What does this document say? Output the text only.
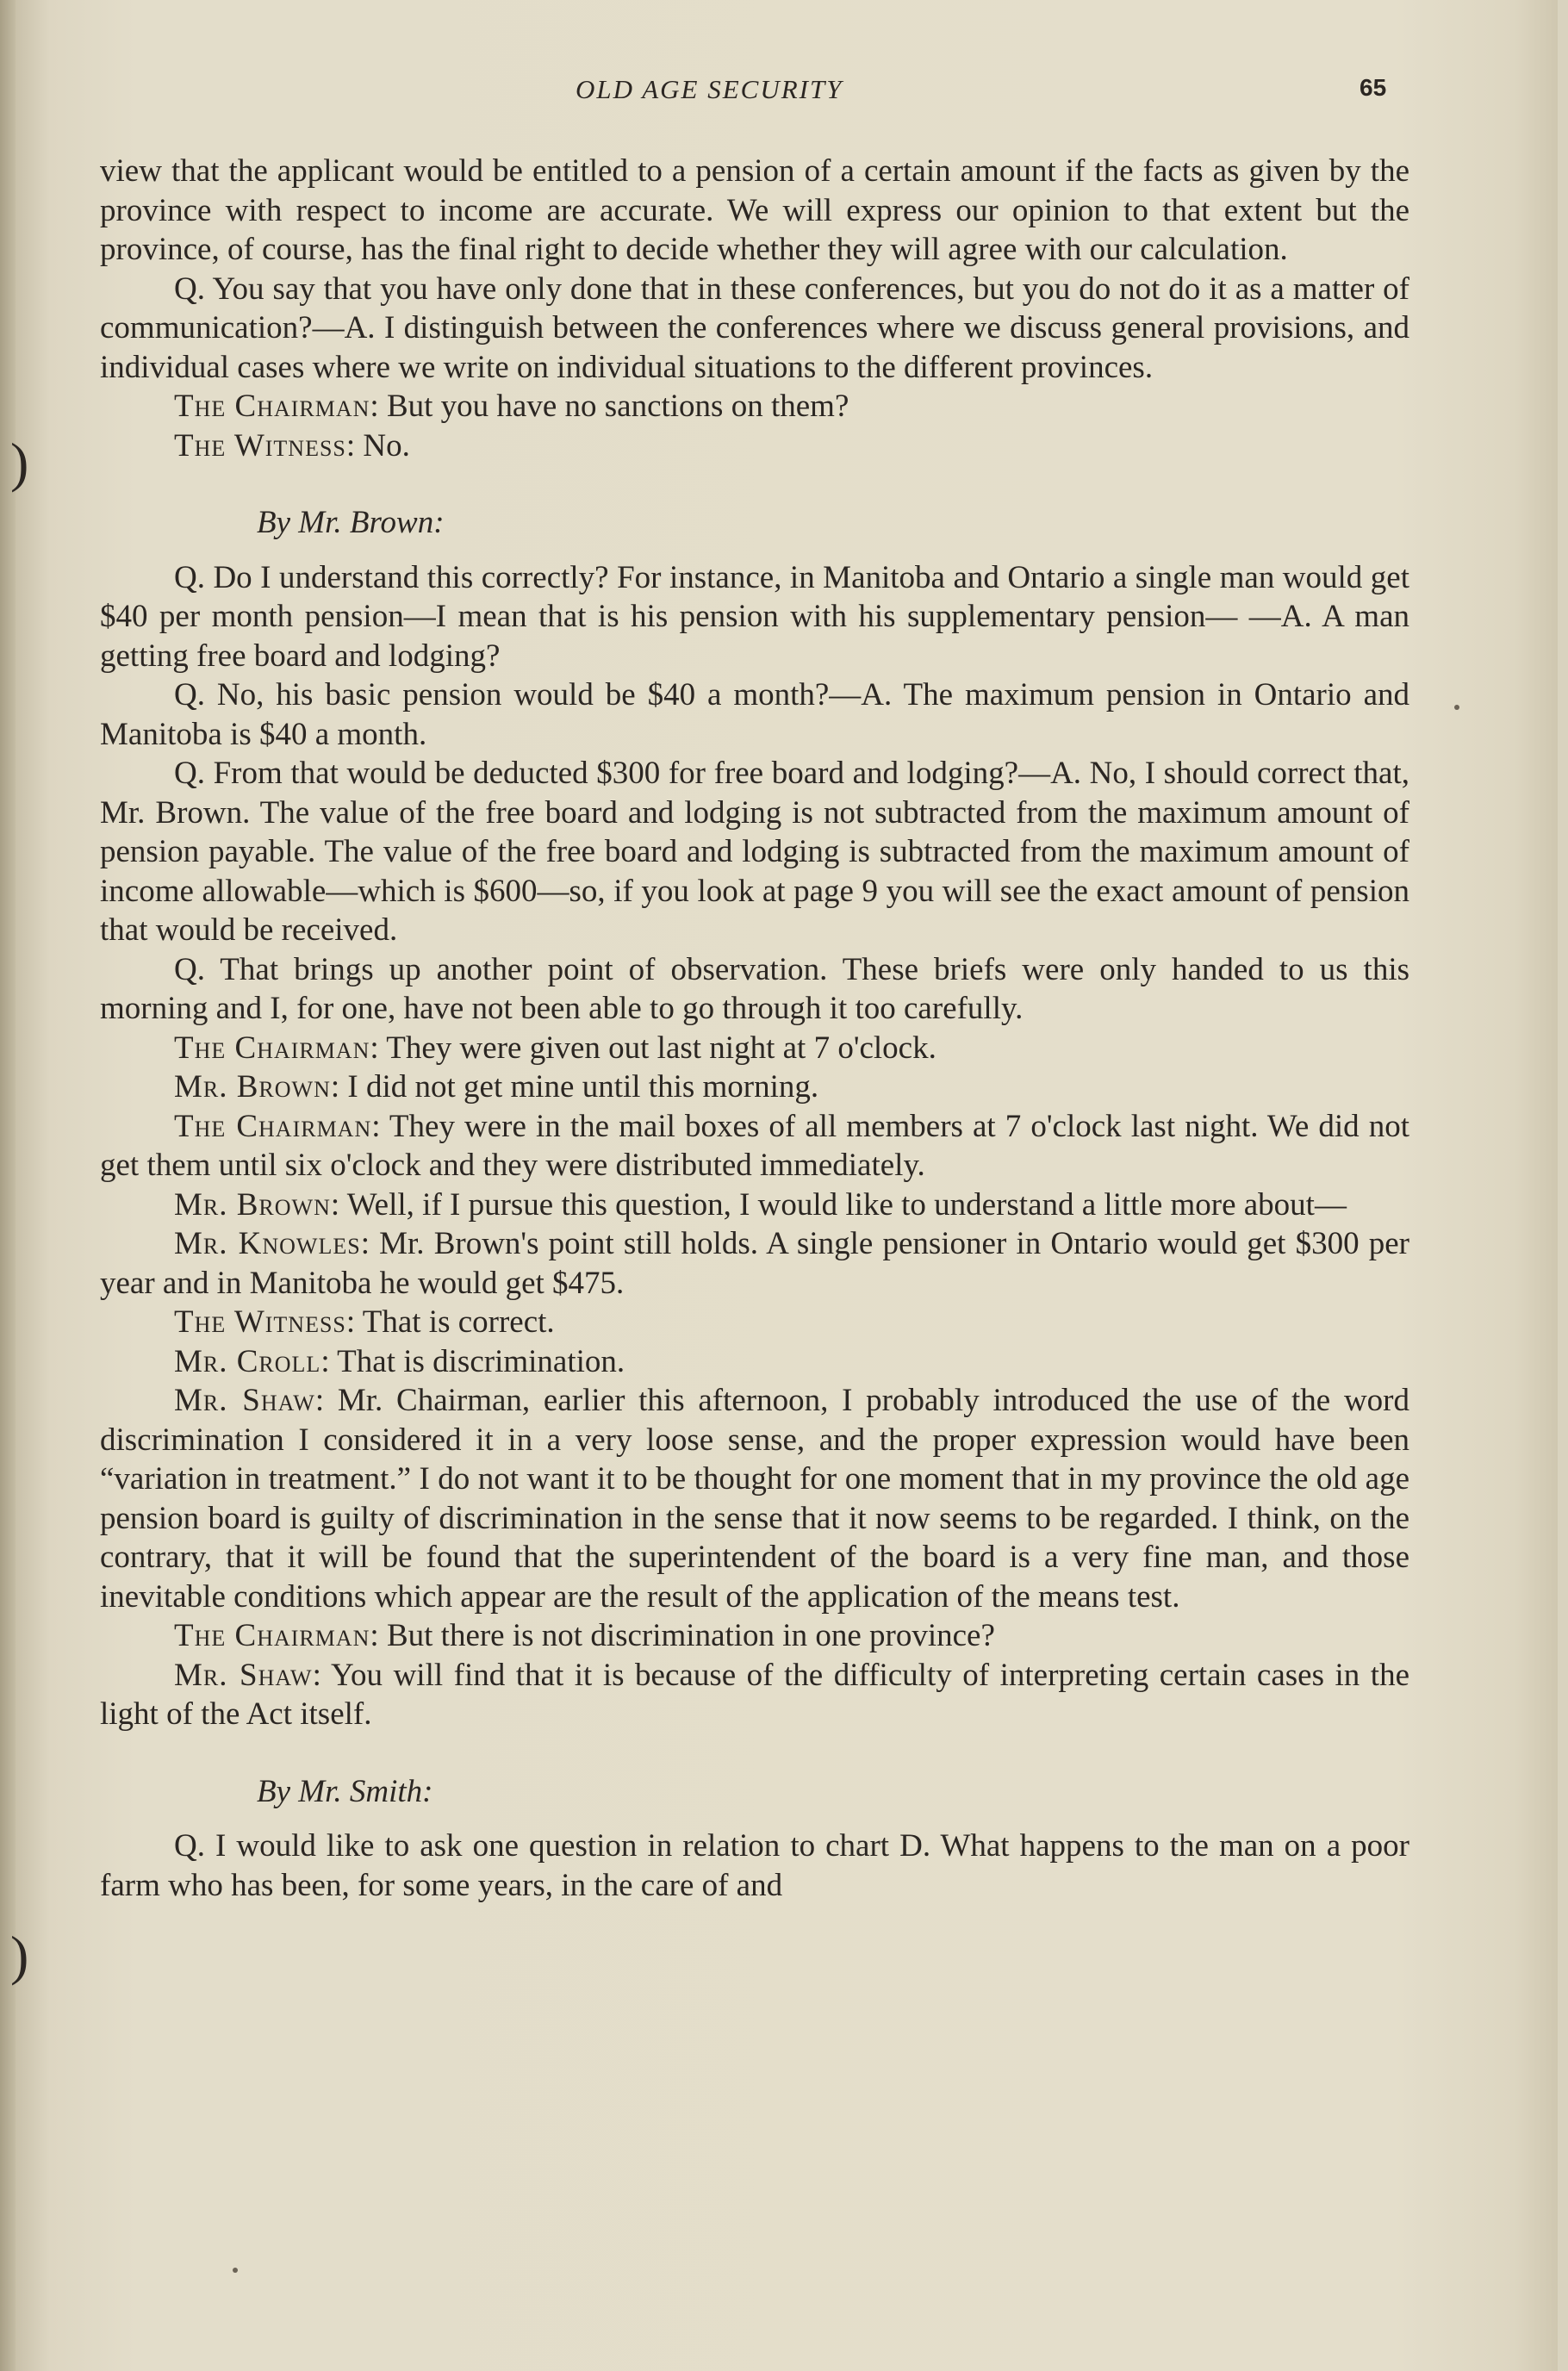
)
)
OLD AGE SECURITY	65

view that the applicant would be entitled to a pension of a certain amount if the facts as given by the province with respect to income are accurate. We will express our opinion to that extent but the province, of course, has the final right to decide whether they will agree with our calculation.

Q. You say that you have only done that in these conferences, but you do not do it as a matter of communication?—A. I distinguish between the conferences where we discuss general provisions, and individual cases where we write on individual situations to the different provinces.

The Chairman: But you have no sanctions on them?

The Witness: No.

By Mr. Brown:

Q. Do I understand this correctly? For instance, in Manitoba and Ontario a single man would get $40 per month pension—I mean that is his pension with his supplementary pension— —A. A man getting free board and lodging?

Q. No, his basic pension would be $40 a month?—A. The maximum pension in Ontario and Manitoba is $40 a month.

Q. From that would be deducted $300 for free board and lodging?—A. No, I should correct that, Mr. Brown. The value of the free board and lodging is not subtracted from the maximum amount of pension payable. The value of the free board and lodging is subtracted from the maximum amount of income allowable—which is $600—so, if you look at page 9 you will see the exact amount of pension that would be received.

Q. That brings up another point of observation. These briefs were only handed to us this morning and I, for one, have not been able to go through it too carefully.

The Chairman: They were given out last night at 7 o'clock.

Mr. Brown: I did not get mine until this morning.

The Chairman: They were in the mail boxes of all members at 7 o'clock last night. We did not get them until six o'clock and they were distributed immediately.

Mr. Brown: Well, if I pursue this question, I would like to understand a little more about—

Mr. Knowles: Mr. Brown's point still holds. A single pensioner in Ontario would get $300 per year and in Manitoba he would get $475.

The Witness: That is correct.

Mr. Croll: That is discrimination.

Mr. Shaw: Mr. Chairman, earlier this afternoon, I probably introduced the use of the word discrimination I considered it in a very loose sense, and the proper expression would have been “variation in treatment.” I do not want it to be thought for one moment that in my province the old age pension board is guilty of discrimination in the sense that it now seems to be regarded. I think, on the contrary, that it will be found that the superintendent of the board is a very fine man, and those inevitable conditions which appear are the result of the application of the means test.

The Chairman: But there is not discrimination in one province?

Mr. Shaw: You will find that it is because of the difficulty of interpreting certain cases in the light of the Act itself.

By Mr. Smith:

Q. I would like to ask one question in relation to chart D. What happens to the man on a poor farm who has been, for some years, in the care of and
